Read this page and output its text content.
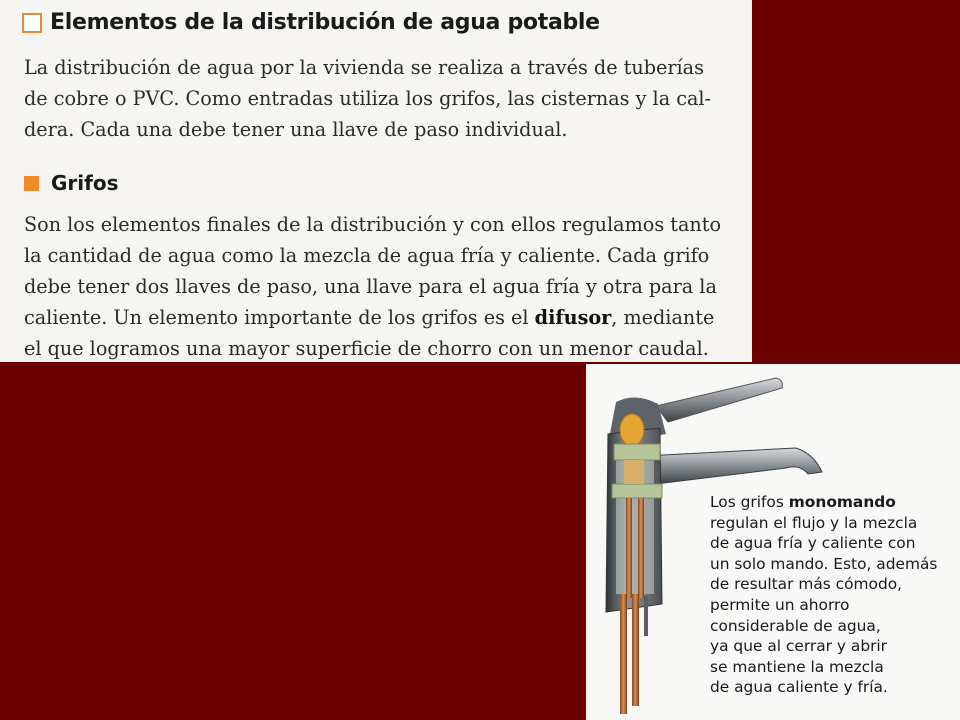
Elementos de la distribución de agua potable

La distribución de agua por la vivienda se realiza a través de tuberías
de cobre o PVC. Como entradas utiliza los grifos, las cisternas y la cal-
dera. Cada una debe tener una llave de paso individual.

Grifos

Son los elementos finales de la distribución y con ellos regulamos tanto
la cantidad de agua como la mezcla de agua fría y caliente. Cada grifo
debe tener dos llaves de paso, una llave para el agua fría y otra para la
caliente. Un elemento importante de los grifos es el difusor, mediante
el que logramos una mayor superficie de chorro con un menor caudal.

Los grifos monomando
regulan el flujo y la mezcla
de agua fría y caliente con
un solo mando. Esto, además
de resultar más cómodo,
permite un ahorro
considerable de agua,
ya que al cerrar y abrir
se mantiene la mezcla
de agua caliente y fría.
